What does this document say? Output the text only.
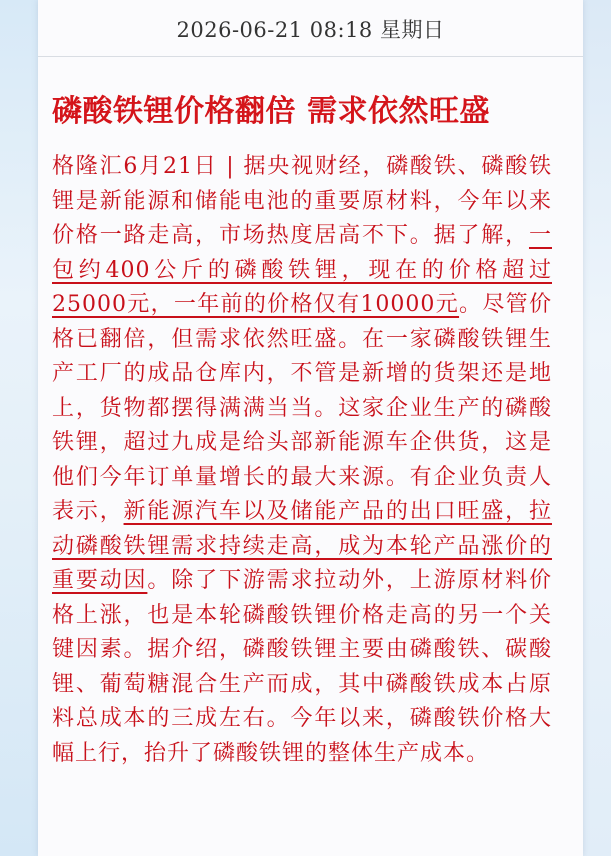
2026-06-21 08:18 星期日
磷酸铁锂价格翻倍 需求依然旺盛

格隆汇6月21日 | 据央视财经，磷酸铁、磷酸铁锂是新能源和储能电池的重要原材料，今年以来价格一路走高，市场热度居高不下。据了解，一包约400公斤的磷酸铁锂，现在的价格超过25000元，一年前的价格仅有10000元。尽管价格已翻倍，但需求依然旺盛。在一家磷酸铁锂生产工厂的成品仓库内，不管是新增的货架还是地上，货物都摆得满满当当。这家企业生产的磷酸铁锂，超过九成是给头部新能源车企供货，这是他们今年订单量增长的最大来源。有企业负责人表示，新能源汽车以及储能产品的出口旺盛，拉动磷酸铁锂需求持续走高，成为本轮产品涨价的重要动因。除了下游需求拉动外，上游原材料价格上涨，也是本轮磷酸铁锂价格走高的另一个关键因素。据介绍，磷酸铁锂主要由磷酸铁、碳酸锂、葡萄糖混合生产而成，其中磷酸铁成本占原料总成本的三成左右。今年以来，磷酸铁价格大幅上行，抬升了磷酸铁锂的整体生产成本。
